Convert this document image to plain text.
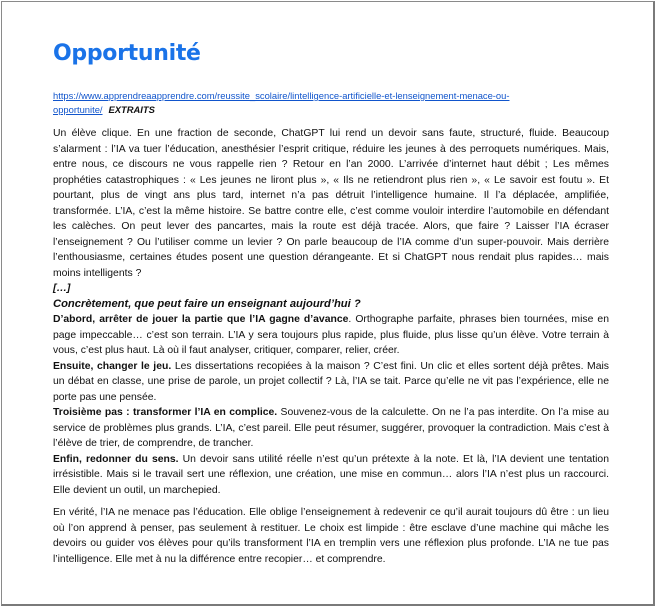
Opportunité
https://www.apprendreaapprendre.com/reussite_scolaire/lintelligence-artificielle-et-lenseignement-menace-ou-opportunite/ EXTRAITS

Un élève clique. En une fraction de seconde, ChatGPT lui rend un devoir sans faute, structuré, fluide. Beaucoup s’alarment : l’IA va tuer l’éducation, anesthésier l’esprit critique, réduire les jeunes à des perroquets numériques. Mais, entre nous, ce discours ne vous rappelle rien ? Retour en l’an 2000. L’arrivée d’internet haut débit ; Les mêmes prophéties catastrophiques : « Les jeunes ne liront plus », « Ils ne retiendront plus rien », « Le savoir est foutu ». Et pourtant, plus de vingt ans plus tard, internet n’a pas détruit l’intelligence humaine. Il l’a déplacée, amplifiée, transformée. L’IA, c’est la même histoire. Se battre contre elle, c’est comme vouloir interdire l’automobile en défendant les calèches. On peut lever des pancartes, mais la route est déjà tracée. Alors, que faire ? Laisser l’IA écraser l’enseignement ? Ou l’utiliser comme un levier ? On parle beaucoup de l’IA comme d’un super-pouvoir. Mais derrière l’enthousiasme, certaines études posent une question dérangeante. Et si ChatGPT nous rendait plus rapides… mais moins intelligents ?

[…]

Concrètement, que peut faire un enseignant aujourd’hui ?

D’abord, arrêter de jouer la partie que l’IA gagne d’avance. Orthographe parfaite, phrases bien tournées, mise en page impeccable… c’est son terrain. L’IA y sera toujours plus rapide, plus fluide, plus lisse qu’un élève. Votre terrain à vous, c’est plus haut. Là où il faut analyser, critiquer, comparer, relier, créer.

Ensuite, changer le jeu. Les dissertations recopiées à la maison ? C’est fini. Un clic et elles sortent déjà prêtes. Mais un débat en classe, une prise de parole, un projet collectif ? Là, l’IA se tait. Parce qu’elle ne vit pas l’expérience, elle ne porte pas une pensée.

Troisième pas : transformer l’IA en complice. Souvenez-vous de la calculette. On ne l’a pas interdite. On l’a mise au service de problèmes plus grands. L’IA, c’est pareil. Elle peut résumer, suggérer, provoquer la contradiction. Mais c’est à l’élève de trier, de comprendre, de trancher.

Enfin, redonner du sens. Un devoir sans utilité réelle n’est qu’un prétexte à la note. Et là, l’IA devient une tentation irrésistible. Mais si le travail sert une réflexion, une création, une mise en commun… alors l’IA n’est plus un raccourci. Elle devient un outil, un marchepied.

En vérité, l’IA ne menace pas l’éducation. Elle oblige l’enseignement à redevenir ce qu’il aurait toujours dû être : un lieu où l’on apprend à penser, pas seulement à restituer. Le choix est limpide : être esclave d’une machine qui mâche les devoirs ou guider vos élèves pour qu’ils transforment l’IA en tremplin vers une réflexion plus profonde. L’IA ne tue pas l’intelligence. Elle met à nu la différence entre recopier… et comprendre.
